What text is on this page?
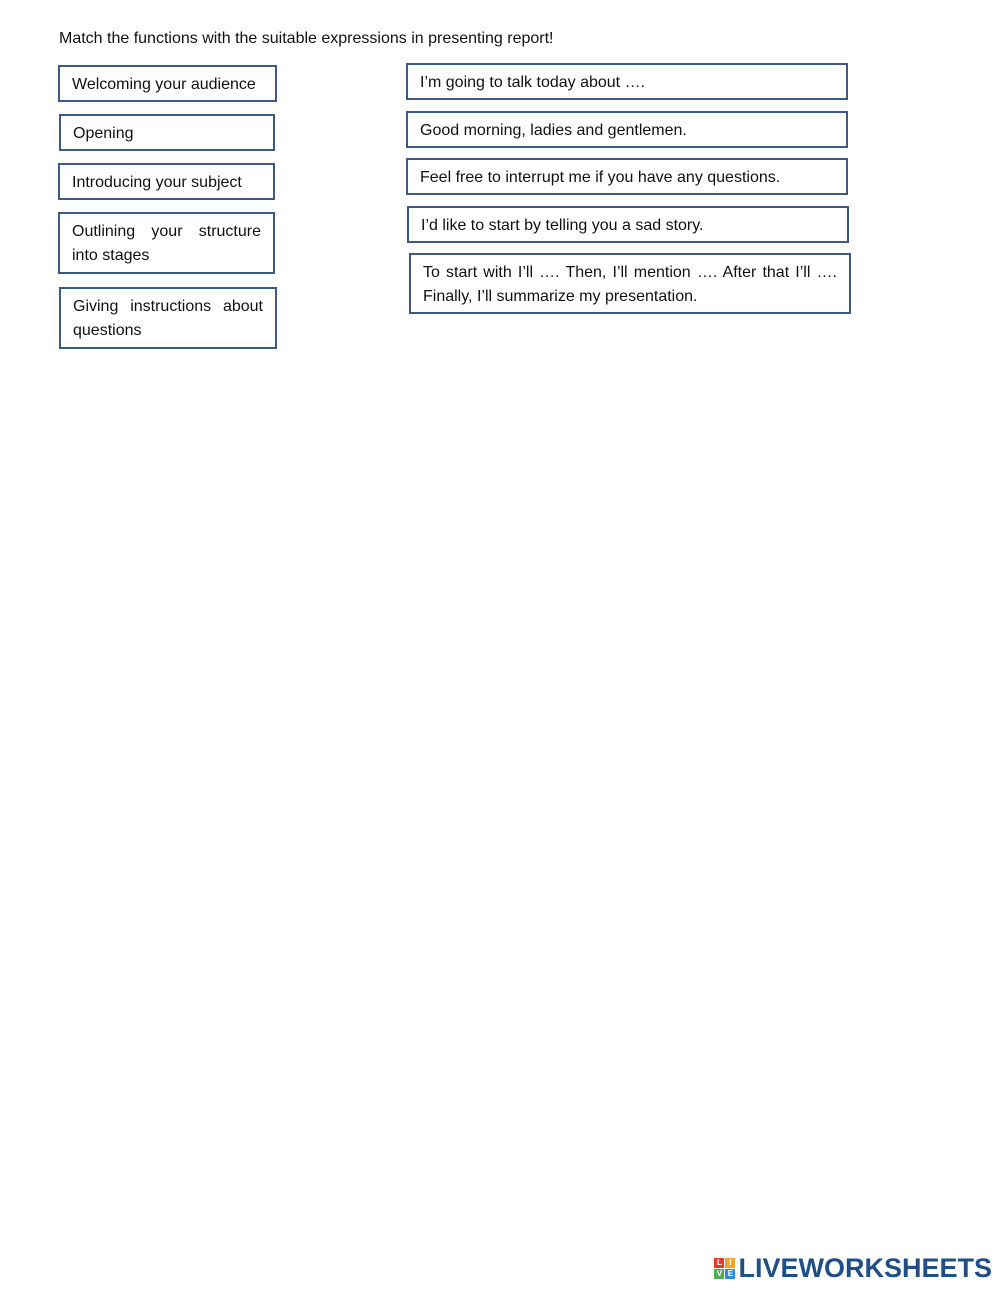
Match the functions with the suitable expressions in presenting report!
Welcoming your audience
Opening
Introducing your subject
Outlining your structure into stages
Giving instructions about questions
I’m going to talk today about ….
Good morning, ladies and gentlemen.
Feel free to interrupt me if you have any questions.
I’d like to start by telling you a sad story.
To start with I’ll …. Then, I’ll mention …. After that I’ll …. Finally, I’ll summarize my presentation.
L I
V E LIVEWORKSHEETS
